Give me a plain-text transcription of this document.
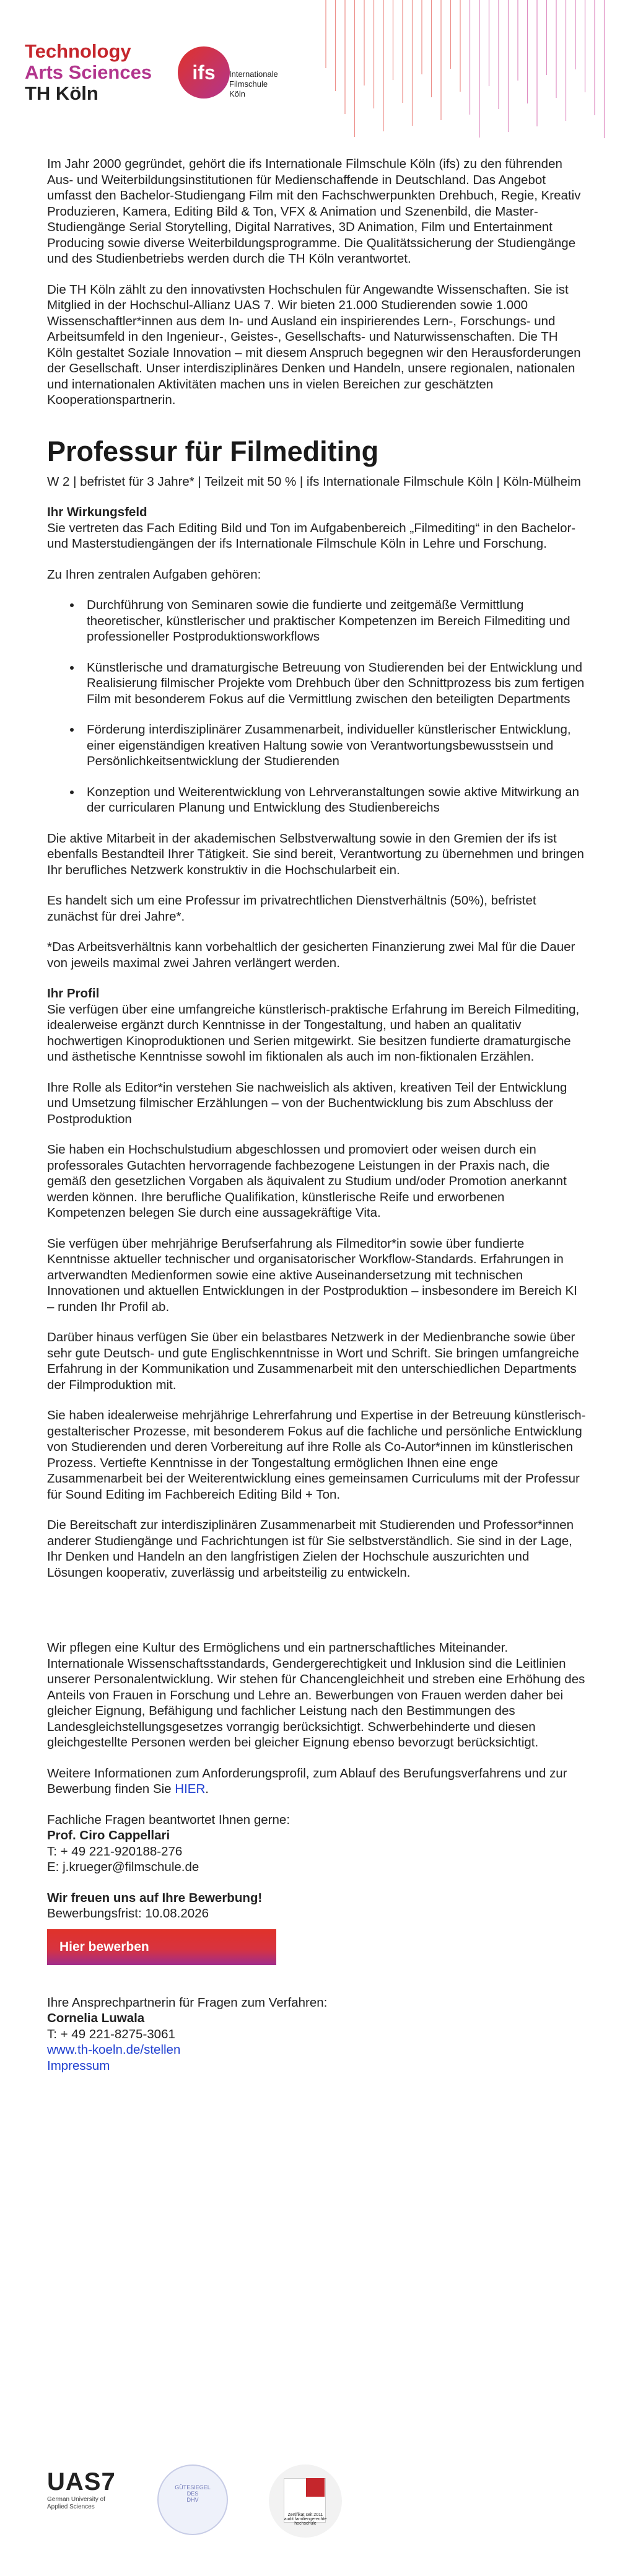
Technology
Arts Sciences
TH Köln
ifs Internationale
Filmschule
Köln

Im Jahr 2000 gegründet, gehört die ifs Internationale Filmschule Köln (ifs) zu den führenden Aus- und Weiterbildungsinstitutionen für Medienschaffende in Deutschland. Das Angebot umfasst den Bachelor-Studiengang Film mit den Fachschwerpunkten Drehbuch, Regie, Kreativ Produzieren, Kamera, Editing Bild & Ton, VFX & Animation und Szenenbild, die Master-Studiengänge Serial Storytelling, Digital Narratives, 3D Animation, Film und Entertainment Producing sowie diverse Weiterbildungsprogramme. Die Qualitätssicherung der Studiengänge und des Studienbetriebs werden durch die TH Köln verantwortet.

Die TH Köln zählt zu den innovativsten Hochschulen für Angewandte Wissenschaften. Sie ist Mitglied in der Hochschul-Allianz UAS 7. Wir bieten 21.000 Studierenden sowie 1.000 Wissenschaftler*innen aus dem In- und Ausland ein inspirierendes Lern-, Forschungs- und Arbeitsumfeld in den Ingenieur-, Geistes-, Gesellschafts- und Naturwissenschaften. Die TH Köln gestaltet Soziale Innovation – mit diesem Anspruch begegnen wir den Herausforderungen der Gesellschaft. Unser interdisziplinäres Denken und Handeln, unsere regionalen, nationalen und internationalen Aktivitäten machen uns in vielen Bereichen zur geschätzten Kooperationspartnerin.

Professur für Filmediting

W 2 | befristet für 3 Jahre* | Teilzeit mit 50 % | ifs Internationale Filmschule Köln | Köln-Mülheim

Ihr Wirkungsfeld
Sie vertreten das Fach Editing Bild und Ton im Aufgabenbereich „Filmediting“ in den Bachelor- und Masterstudiengängen der ifs Internationale Filmschule Köln in Lehre und Forschung.

Zu Ihren zentralen Aufgaben gehören:

• Durchführung von Seminaren sowie die fundierte und zeitgemäße Vermittlung theoretischer, künstlerischer und praktischer Kompetenzen im Bereich Filmediting und professioneller Postproduktionsworkflows
• Künstlerische und dramaturgische Betreuung von Studierenden bei der Entwicklung und Realisierung filmischer Projekte vom Drehbuch über den Schnittprozess bis zum fertigen Film mit besonderem Fokus auf die Vermittlung zwischen den beteiligten Departments
• Förderung interdisziplinärer Zusammenarbeit, individueller künstlerischer Entwicklung, einer eigenständigen kreativen Haltung sowie von Verantwortungsbewusstsein und Persönlichkeitsentwicklung der Studierenden
• Konzeption und Weiterentwicklung von Lehrveranstaltungen sowie aktive Mitwirkung an der curricularen Planung und Entwicklung des Studienbereichs

Die aktive Mitarbeit in der akademischen Selbstverwaltung sowie in den Gremien der ifs ist ebenfalls Bestandteil Ihrer Tätigkeit. Sie sind bereit, Verantwortung zu übernehmen und bringen Ihr berufliches Netzwerk konstruktiv in die Hochschularbeit ein.

Es handelt sich um eine Professur im privatrechtlichen Dienstverhältnis (50%), befristet zunächst für drei Jahre*.

*Das Arbeitsverhältnis kann vorbehaltlich der gesicherten Finanzierung zwei Mal für die Dauer von jeweils maximal zwei Jahren verlängert werden.

Ihr Profil
Sie verfügen über eine umfangreiche künstlerisch-praktische Erfahrung im Bereich Filmediting, idealerweise ergänzt durch Kenntnisse in der Tongestaltung, und haben an qualitativ hochwertigen Kinoproduktionen und Serien mitgewirkt. Sie besitzen fundierte dramaturgische und ästhetische Kenntnisse sowohl im fiktionalen als auch im non-fiktionalen Erzählen.

Ihre Rolle als Editor*in verstehen Sie nachweislich als aktiven, kreativen Teil der Entwicklung und Umsetzung filmischer Erzählungen – von der Buchentwicklung bis zum Abschluss der Postproduktion

Sie haben ein Hochschulstudium abgeschlossen und promoviert oder weisen durch ein professorales Gutachten hervorragende fachbezogene Leistungen in der Praxis nach, die gemäß den gesetzlichen Vorgaben als äquivalent zu Studium und/oder Promotion anerkannt werden können. Ihre berufliche Qualifikation, künstlerische Reife und erworbenen Kompetenzen belegen Sie durch eine aussagekräftige Vita.

Sie verfügen über mehrjährige Berufserfahrung als Filmeditor*in sowie über fundierte Kenntnisse aktueller technischer und organisatorischer Workflow-Standards. Erfahrungen in artverwandten Medienformen sowie eine aktive Auseinandersetzung mit technischen Innovationen und aktuellen Entwicklungen in der Postproduktion – insbesondere im Bereich KI – runden Ihr Profil ab.

Darüber hinaus verfügen Sie über ein belastbares Netzwerk in der Medienbranche sowie über sehr gute Deutsch- und gute Englischkenntnisse in Wort und Schrift. Sie bringen umfangreiche Erfahrung in der Kommunikation und Zusammenarbeit mit den unterschiedlichen Departments der Filmproduktion mit.

Sie haben idealerweise mehrjährige Lehrerfahrung und Expertise in der Betreuung künstlerisch-gestalterischer Prozesse, mit besonderem Fokus auf die fachliche und persönliche Entwicklung von Studierenden und deren Vorbereitung auf ihre Rolle als Co-Autor*innen im künstlerischen Prozess. Vertiefte Kenntnisse in der Tongestaltung ermöglichen Ihnen eine enge Zusammenarbeit bei der Weiterentwicklung eines gemeinsamen Curriculums mit der Professur für Sound Editing im Fachbereich Editing Bild + Ton.

Die Bereitschaft zur interdisziplinären Zusammenarbeit mit Studierenden und Professor*innen anderer Studiengänge und Fachrichtungen ist für Sie selbstverständlich. Sie sind in der Lage, Ihr Denken und Handeln an den langfristigen Zielen der Hochschule auszurichten und Lösungen kooperativ, zuverlässig und arbeitsteilig zu entwickeln.

Wir pflegen eine Kultur des Ermöglichens und ein partnerschaftliches Miteinander. Internationale Wissenschaftsstandards, Gendergerechtigkeit und Inklusion sind die Leitlinien unserer Personalentwicklung. Wir stehen für Chancengleichheit und streben eine Erhöhung des Anteils von Frauen in Forschung und Lehre an. Bewerbungen von Frauen werden daher bei gleicher Eignung, Befähigung und fachlicher Leistung nach den Bestimmungen des Landesgleichstellungsgesetzes vorrangig berücksichtigt. Schwerbehinderte und diesen gleichgestellte Personen werden bei gleicher Eignung ebenso bevorzugt berücksichtigt.

Weitere Informationen zum Anforderungsprofil, zum Ablauf des Berufungsverfahrens und zur Bewerbung finden Sie HIER.

Fachliche Fragen beantwortet Ihnen gerne:
Prof. Ciro Cappellari
T: + 49 221-920188-276
E: j.krueger@filmschule.de

Wir freuen uns auf Ihre Bewerbung!
Bewerbungsfrist: 10.08.2026

Hier bewerben

Ihre Ansprechpartnerin für Fragen zum Verfahren:
Cornelia Luwala
T: + 49 221-8275-3061
www.th-koeln.de/stellen
Impressum

UAS7
German University of
Applied Sciences
GÜTESIEGEL
DES
DHV
Zertifikat seit 2011
audit familiengerechte
hochschule
